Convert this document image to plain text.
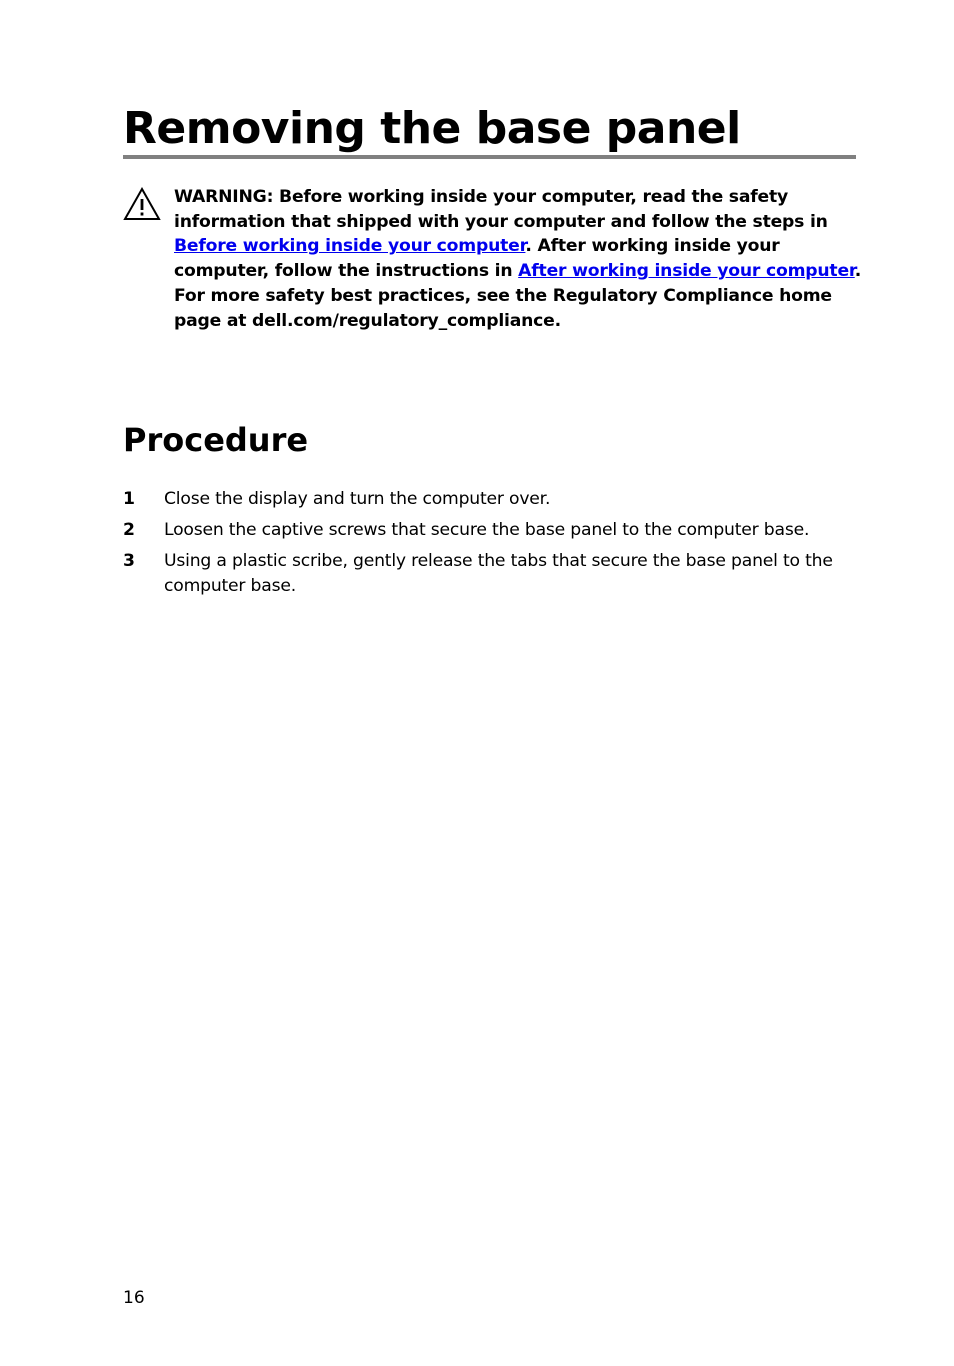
Removing the base panel

WARNING: Before working inside your computer, read the safety information that shipped with your computer and follow the steps in Before working inside your computer. After working inside your computer, follow the instructions in After working inside your computer. For more safety best practices, see the Regulatory Compliance home page at dell.com/regulatory_compliance.

Procedure
1 Close the display and turn the computer over.
2 Loosen the captive screws that secure the base panel to the computer base.
3 Using a plastic scribe, gently release the tabs that secure the base panel to the computer base.
16
